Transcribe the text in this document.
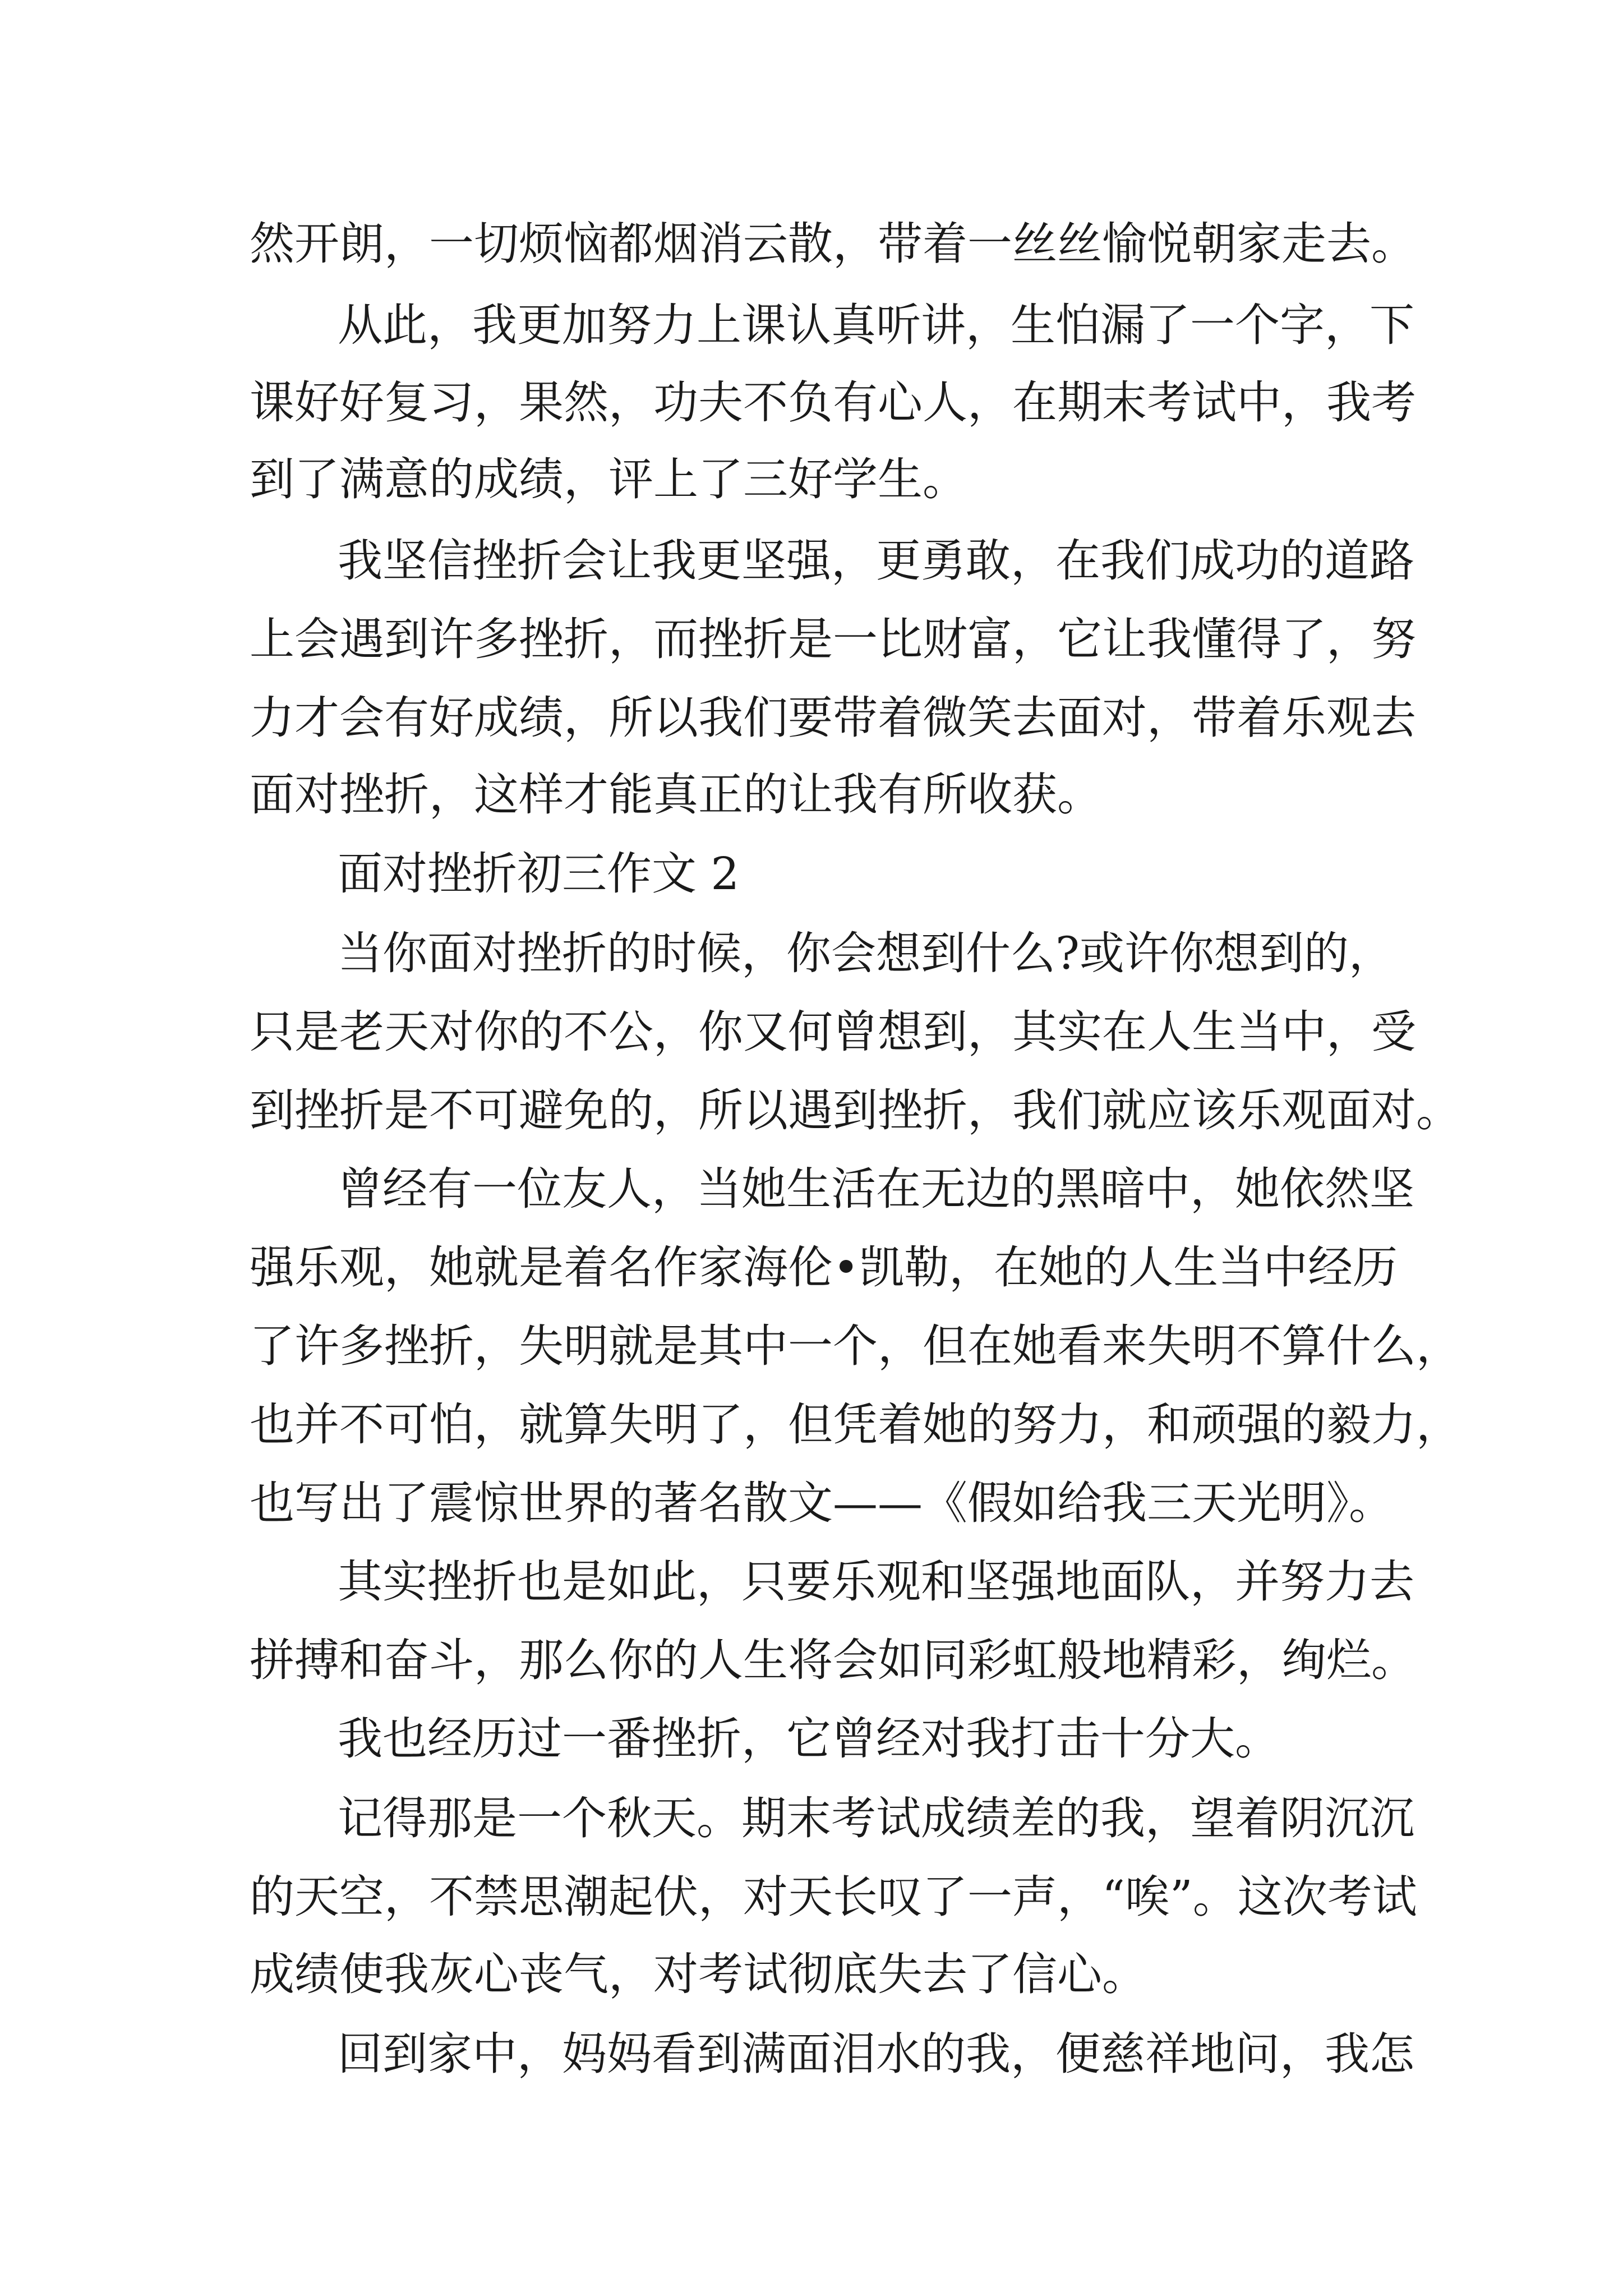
然开朗，一切烦恼都烟消云散，带着一丝丝愉悦朝家走去。
从此，我更加努力上课认真听讲，生怕漏了一个字，下
课好好复习，果然，功夫不负有心人，在期末考试中，我考
到了满意的成绩，评上了三好学生。
我坚信挫折会让我更坚强，更勇敢，在我们成功的道路
上会遇到许多挫折，而挫折是一比财富，它让我懂得了，努
力才会有好成绩，所以我们要带着微笑去面对，带着乐观去
面对挫折，这样才能真正的让我有所收获。
面对挫折初三作文 2
当你面对挫折的时候，你会想到什么?或许你想到的，
只是老天对你的不公，你又何曾想到，其实在人生当中，受
到挫折是不可避免的，所以遇到挫折，我们就应该乐观面对。
曾经有一位友人，当她生活在无边的黑暗中，她依然坚
强乐观，她就是着名作家海伦•凯勒，在她的人生当中经历
了许多挫折，失明就是其中一个，但在她看来失明不算什么，
也并不可怕，就算失明了，但凭着她的努力，和顽强的毅力，
也写出了震惊世界的著名散文——《假如给我三天光明》。
其实挫折也是如此，只要乐观和坚强地面队，并努力去
拼搏和奋斗，那么你的人生将会如同彩虹般地精彩，绚烂。
我也经历过一番挫折，它曾经对我打击十分大。
记得那是一个秋天。期末考试成绩差的我，望着阴沉沉
的天空，不禁思潮起伏，对天长叹了一声，“唉”。这次考试
成绩使我灰心丧气，对考试彻底失去了信心。
回到家中，妈妈看到满面泪水的我，便慈祥地问，我怎
